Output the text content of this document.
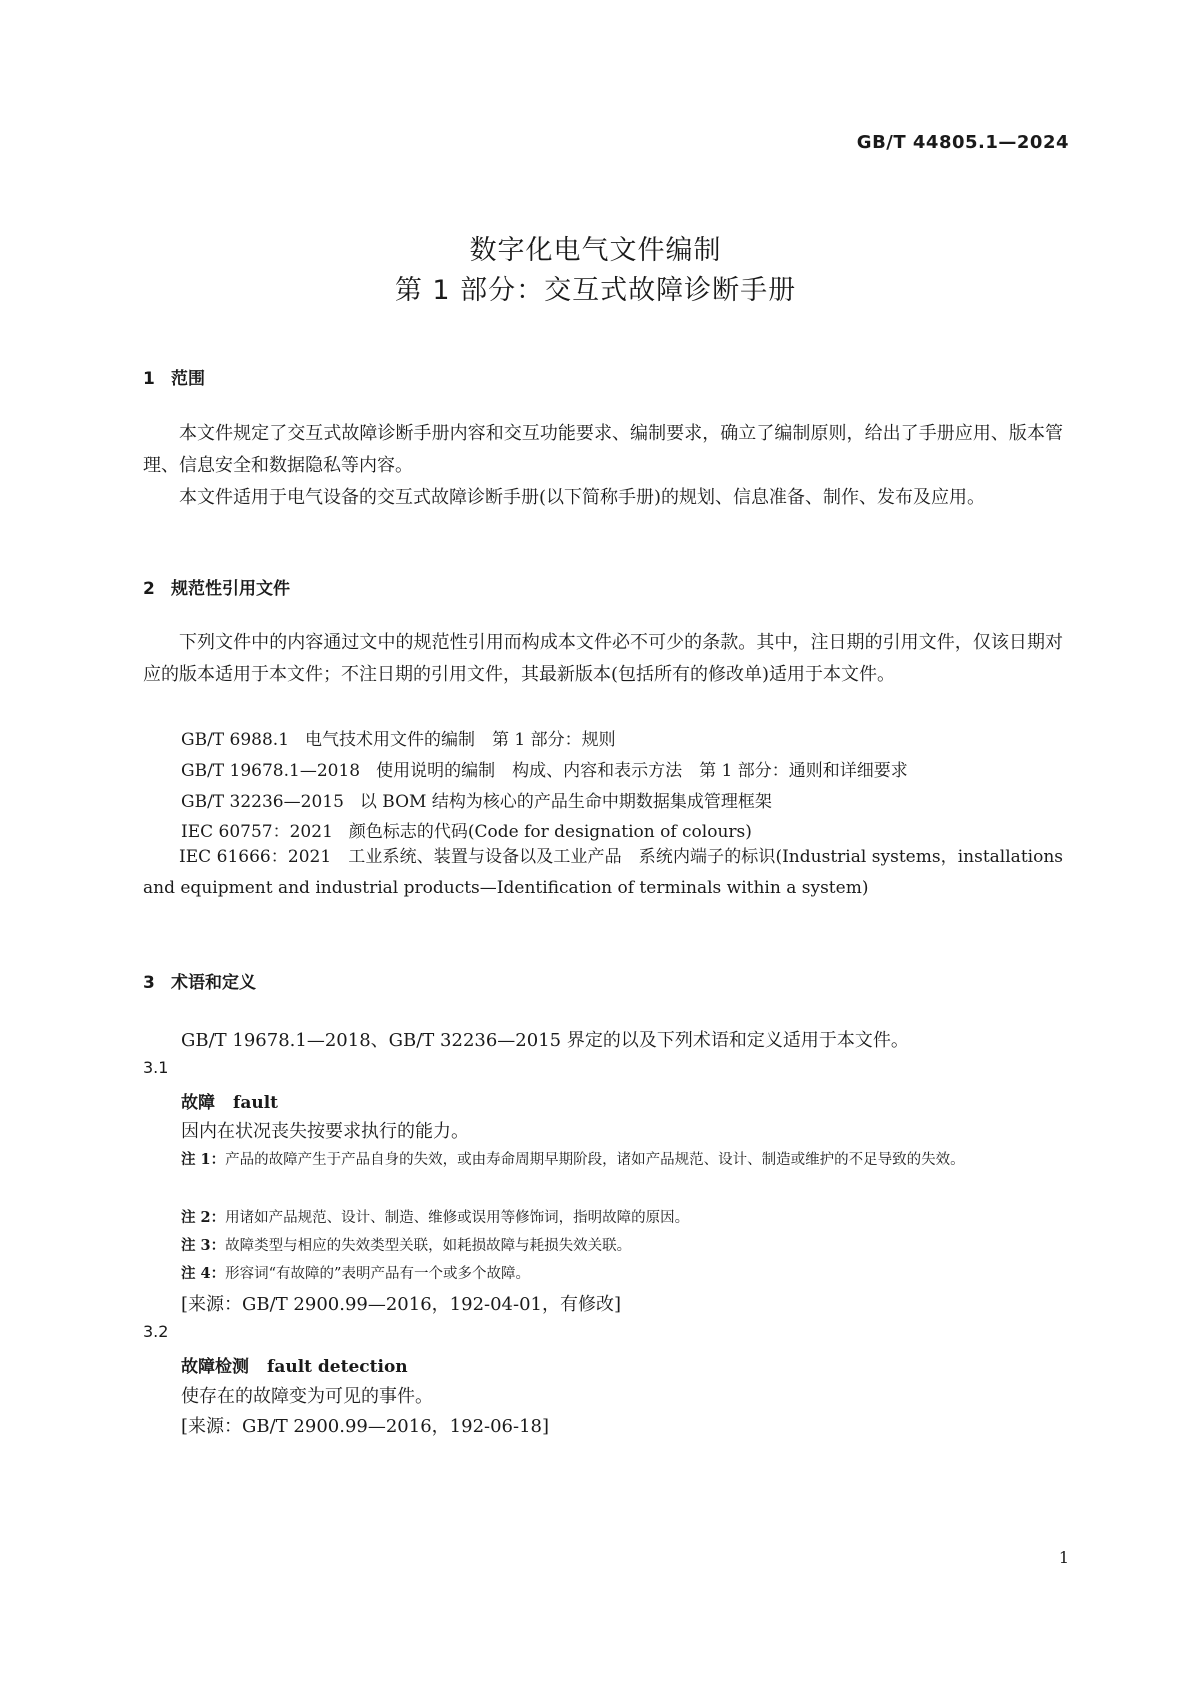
GB/T 44805.1—2024
数字化电气文件编制
第 1 部分：交互式故障诊断手册
1 范围

本文件规定了交互式故障诊断手册内容和交互功能要求、编制要求，确立了编制原则，给出了手册应用、版本管理、信息安全和数据隐私等内容。

本文件适用于电气设备的交互式故障诊断手册(以下简称手册)的规划、信息准备、制作、发布及应用。

2 规范性引用文件

下列文件中的内容通过文中的规范性引用而构成本文件必不可少的条款。其中，注日期的引用文件，仅该日期对应的版本适用于本文件；不注日期的引用文件，其最新版本(包括所有的修改单)适用于本文件。

GB/T 6988.1 电气技术用文件的编制　第 1 部分：规则
GB/T 19678.1—2018 使用说明的编制　构成、内容和表示方法　第 1 部分：通则和详细要求
GB/T 32236—2015 以 BOM 结构为核心的产品生命中期数据集成管理框架
IEC 60757：2021 颜色标志的代码(Code for designation of colours)

IEC 61666：2021　工业系统、装置与设备以及工业产品　系统内端子的标识(Industrial systems，installations and equipment and industrial products—Identification of terminals within a system)

3 术语和定义
GB/T 19678.1—2018、GB/T 32236—2015 界定的以及下列术语和定义适用于本文件。
3.1
故障 fault
因内在状况丧失按要求执行的能力。
注 1：产品的故障产生于产品自身的失效，或由寿命周期早期阶段，诸如产品规范、设计、制造或维护的不足导致的失效。
注 2：用诸如产品规范、设计、制造、维修或误用等修饰词，指明故障的原因。
注 3：故障类型与相应的失效类型关联，如耗损故障与耗损失效关联。
注 4：形容词“有故障的”表明产品有一个或多个故障。
[来源：GB/T 2900.99—2016，192-04-01，有修改]
3.2
故障检测 fault detection
使存在的故障变为可见的事件。
[来源：GB/T 2900.99—2016，192-06-18]
1
